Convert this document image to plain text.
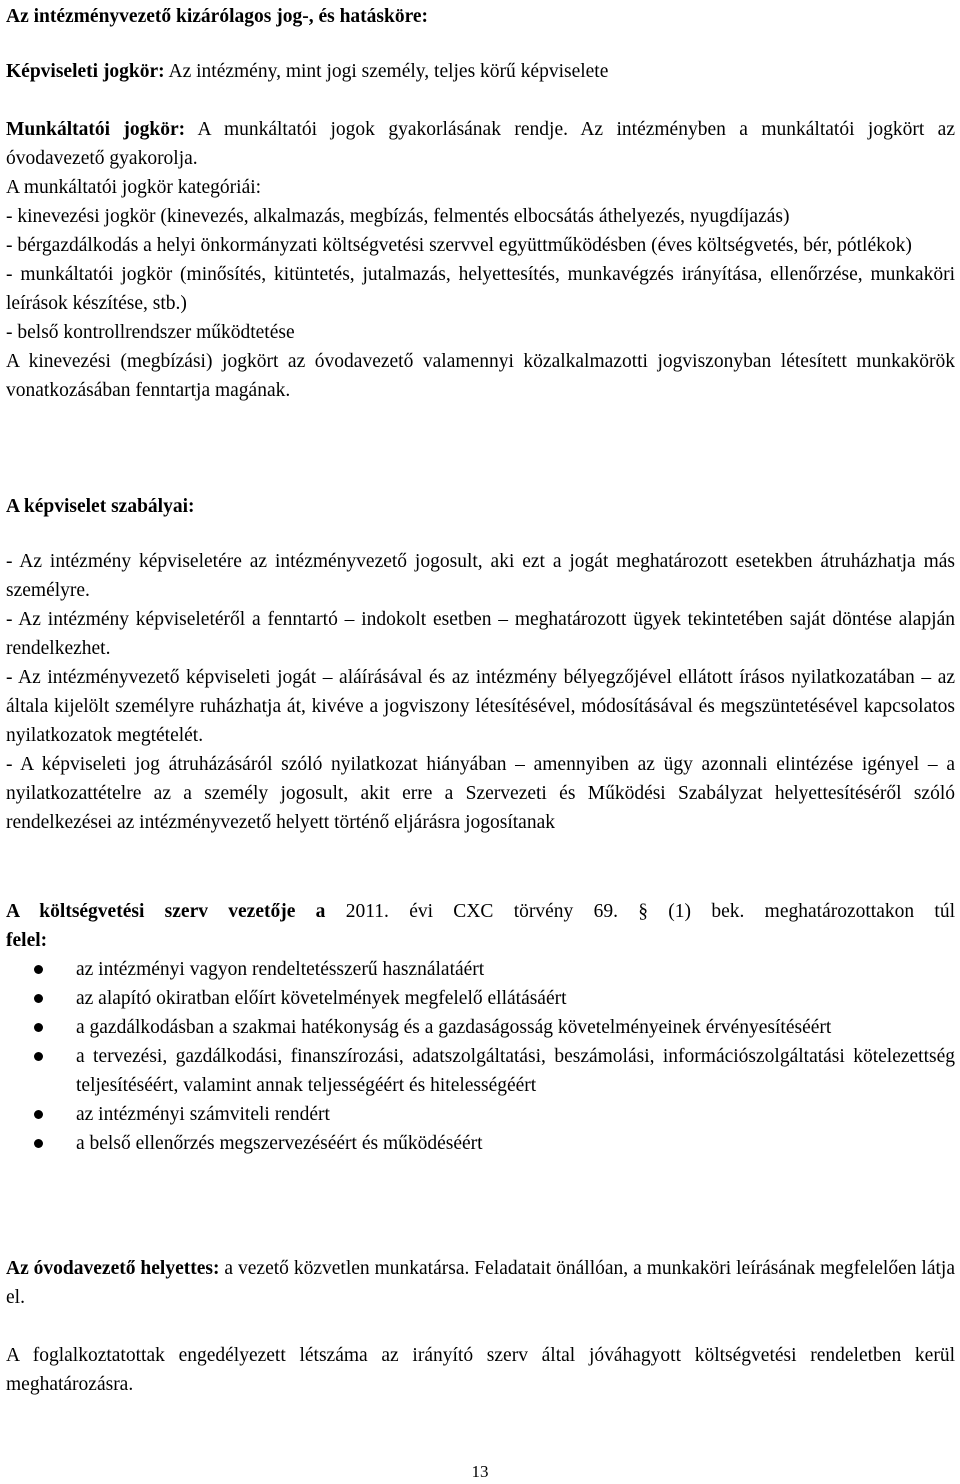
Az intézményvezető kizárólagos jog-, és hatásköre:

Képviseleti jogkör: Az intézmény, mint jogi személy, teljes körű képviselete

Munkáltatói jogkör: A munkáltatói jogok gyakorlásának rendje. Az intézményben a munkáltatói jogkört az óvodavezető gyakorolja.

A munkáltatói jogkör kategóriái:

- kinevezési jogkör (kinevezés, alkalmazás, megbízás, felmentés elbocsátás áthelyezés, nyugdíjazás)

- bérgazdálkodás a helyi önkormányzati költségvetési szervvel együttműködésben (éves költségvetés, bér, pótlékok)

- munkáltatói jogkör (minősítés, kitüntetés, jutalmazás, helyettesítés, munkavégzés irányítása, ellenőrzése, munkaköri leírások készítése, stb.)

- belső kontrollrendszer működtetése

A kinevezési (megbízási) jogkört az óvodavezető valamennyi közalkalmazotti jogviszonyban létesített munkakörök vonatkozásában fenntartja magának.

A képviselet szabályai:

- Az intézmény képviseletére az intézményvezető jogosult, aki ezt a jogát meghatározott esetekben átruházhatja más személyre.

- Az intézmény képviseletéről a fenntartó – indokolt esetben – meghatározott ügyek tekintetében saját döntése alapján rendelkezhet.

- Az intézményvezető képviseleti jogát – aláírásával és az intézmény bélyegzőjével ellátott írásos nyilatkozatában – az általa kijelölt személyre ruházhatja át, kivéve a jogviszony létesítésével, módosításával és megszüntetésével kapcsolatos nyilatkozatok megtételét.

- A képviseleti jog átruházásáról szóló nyilatkozat hiányában – amennyiben az ügy azonnali elintézése igényel – a nyilatkozattételre az a személy jogosult, akit erre a Szervezeti és Működési Szabályzat helyettesítéséről szóló rendelkezései az intézményvezető helyett történő eljárásra jogosítanak

A költségvetési szerv vezetője a 2011. évi CXC törvény 69. § (1) bek. meghatározottakon túl

felel:

az intézményi vagyon rendeltetésszerű használatáért
az alapító okiratban előírt követelmények megfelelő ellátásáért
a gazdálkodásban a szakmai hatékonyság és a gazdaságosság követelményeinek érvényesítéséért
a tervezési, gazdálkodási, finanszírozási, adatszolgáltatási, beszámolási, információszolgáltatási kötelezettség teljesítéséért, valamint annak teljességéért és hitelességéért
az intézményi számviteli rendért
a belső ellenőrzés megszervezéséért és működéséért

Az óvodavezető helyettes: a vezető közvetlen munkatársa. Feladatait önállóan, a munkaköri leírásának megfelelően látja el.

A foglalkoztatottak engedélyezett létszáma az irányító szerv által jóváhagyott költségvetési rendeletben kerül meghatározásra.

13
